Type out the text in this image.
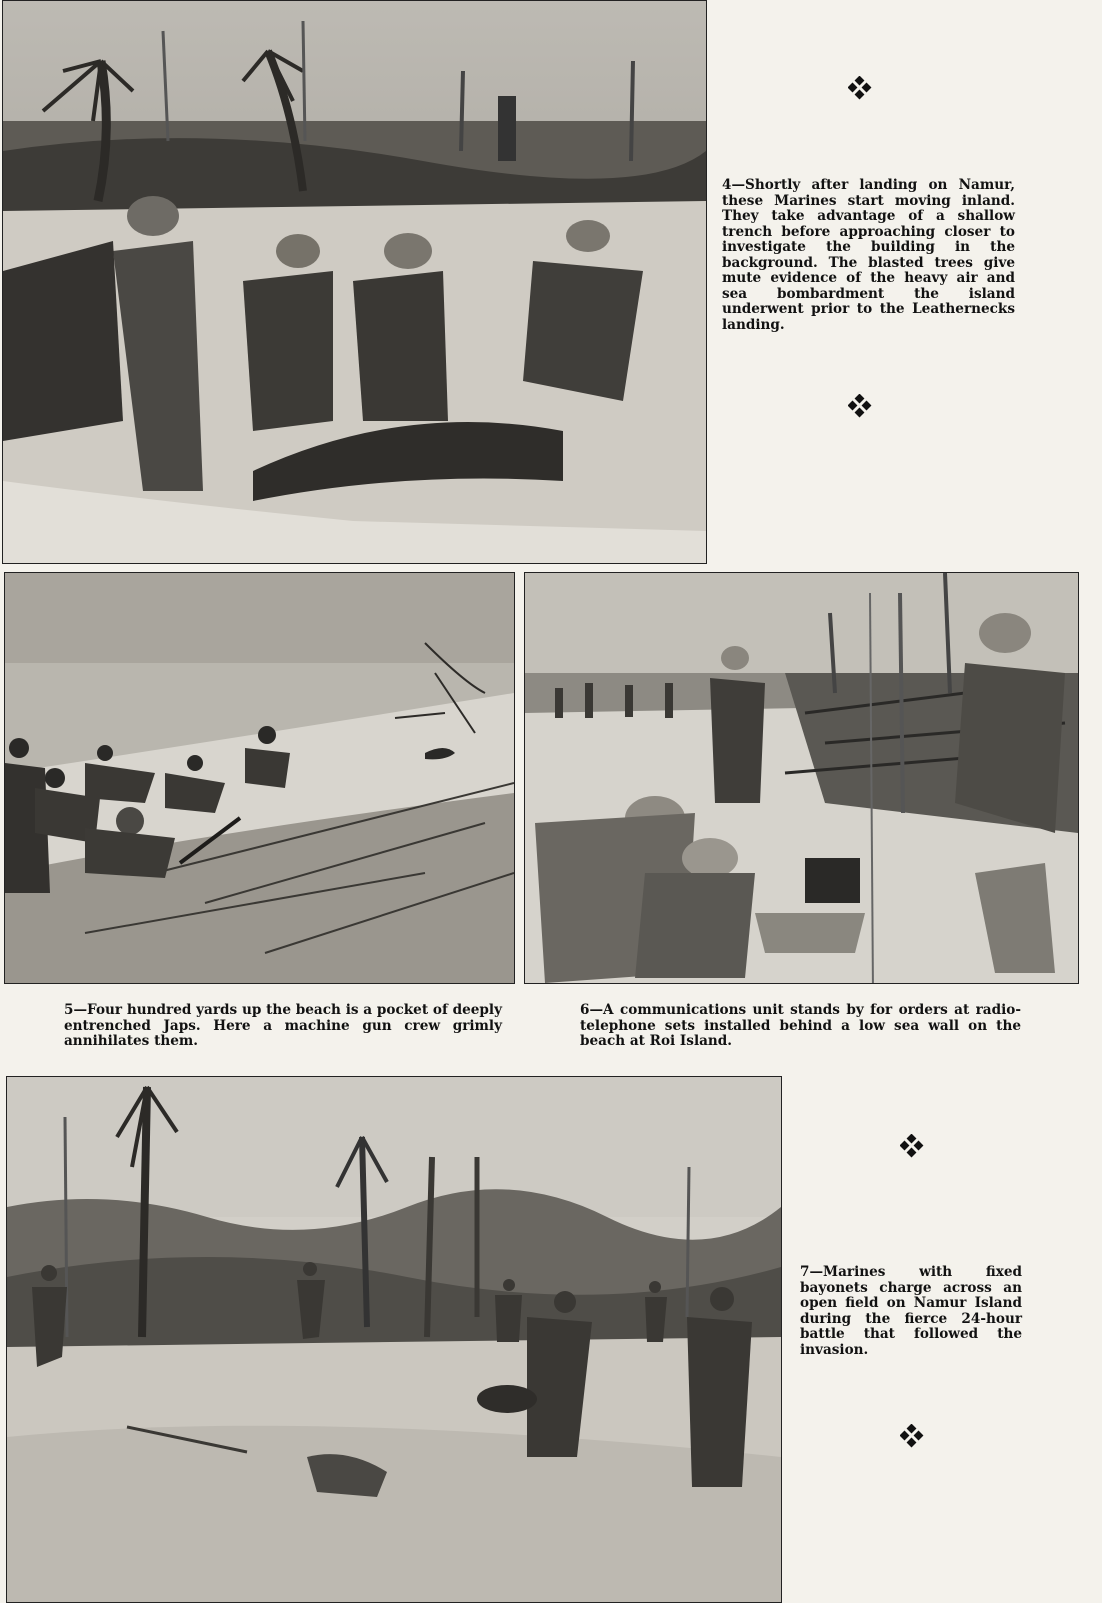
4—Shortly after landing on Namur, these Marines start moving inland. They take advantage of a shallow trench before approaching closer to investigate the building in the background. The blasted trees give mute evidence of the heavy air and sea bombardment the island underwent prior to the Leathernecks landing.
5—Four hundred yards up the beach is a pocket of deeply entrenched Japs. Here a machine gun crew grimly annihilates them.
6—A communications unit stands by for orders at radio-telephone sets installed behind a low sea wall on the beach at Roi Island.
7—Marines with fixed bayonets charge across an open field on Namur Island during the fierce 24-hour battle that followed the invasion.
